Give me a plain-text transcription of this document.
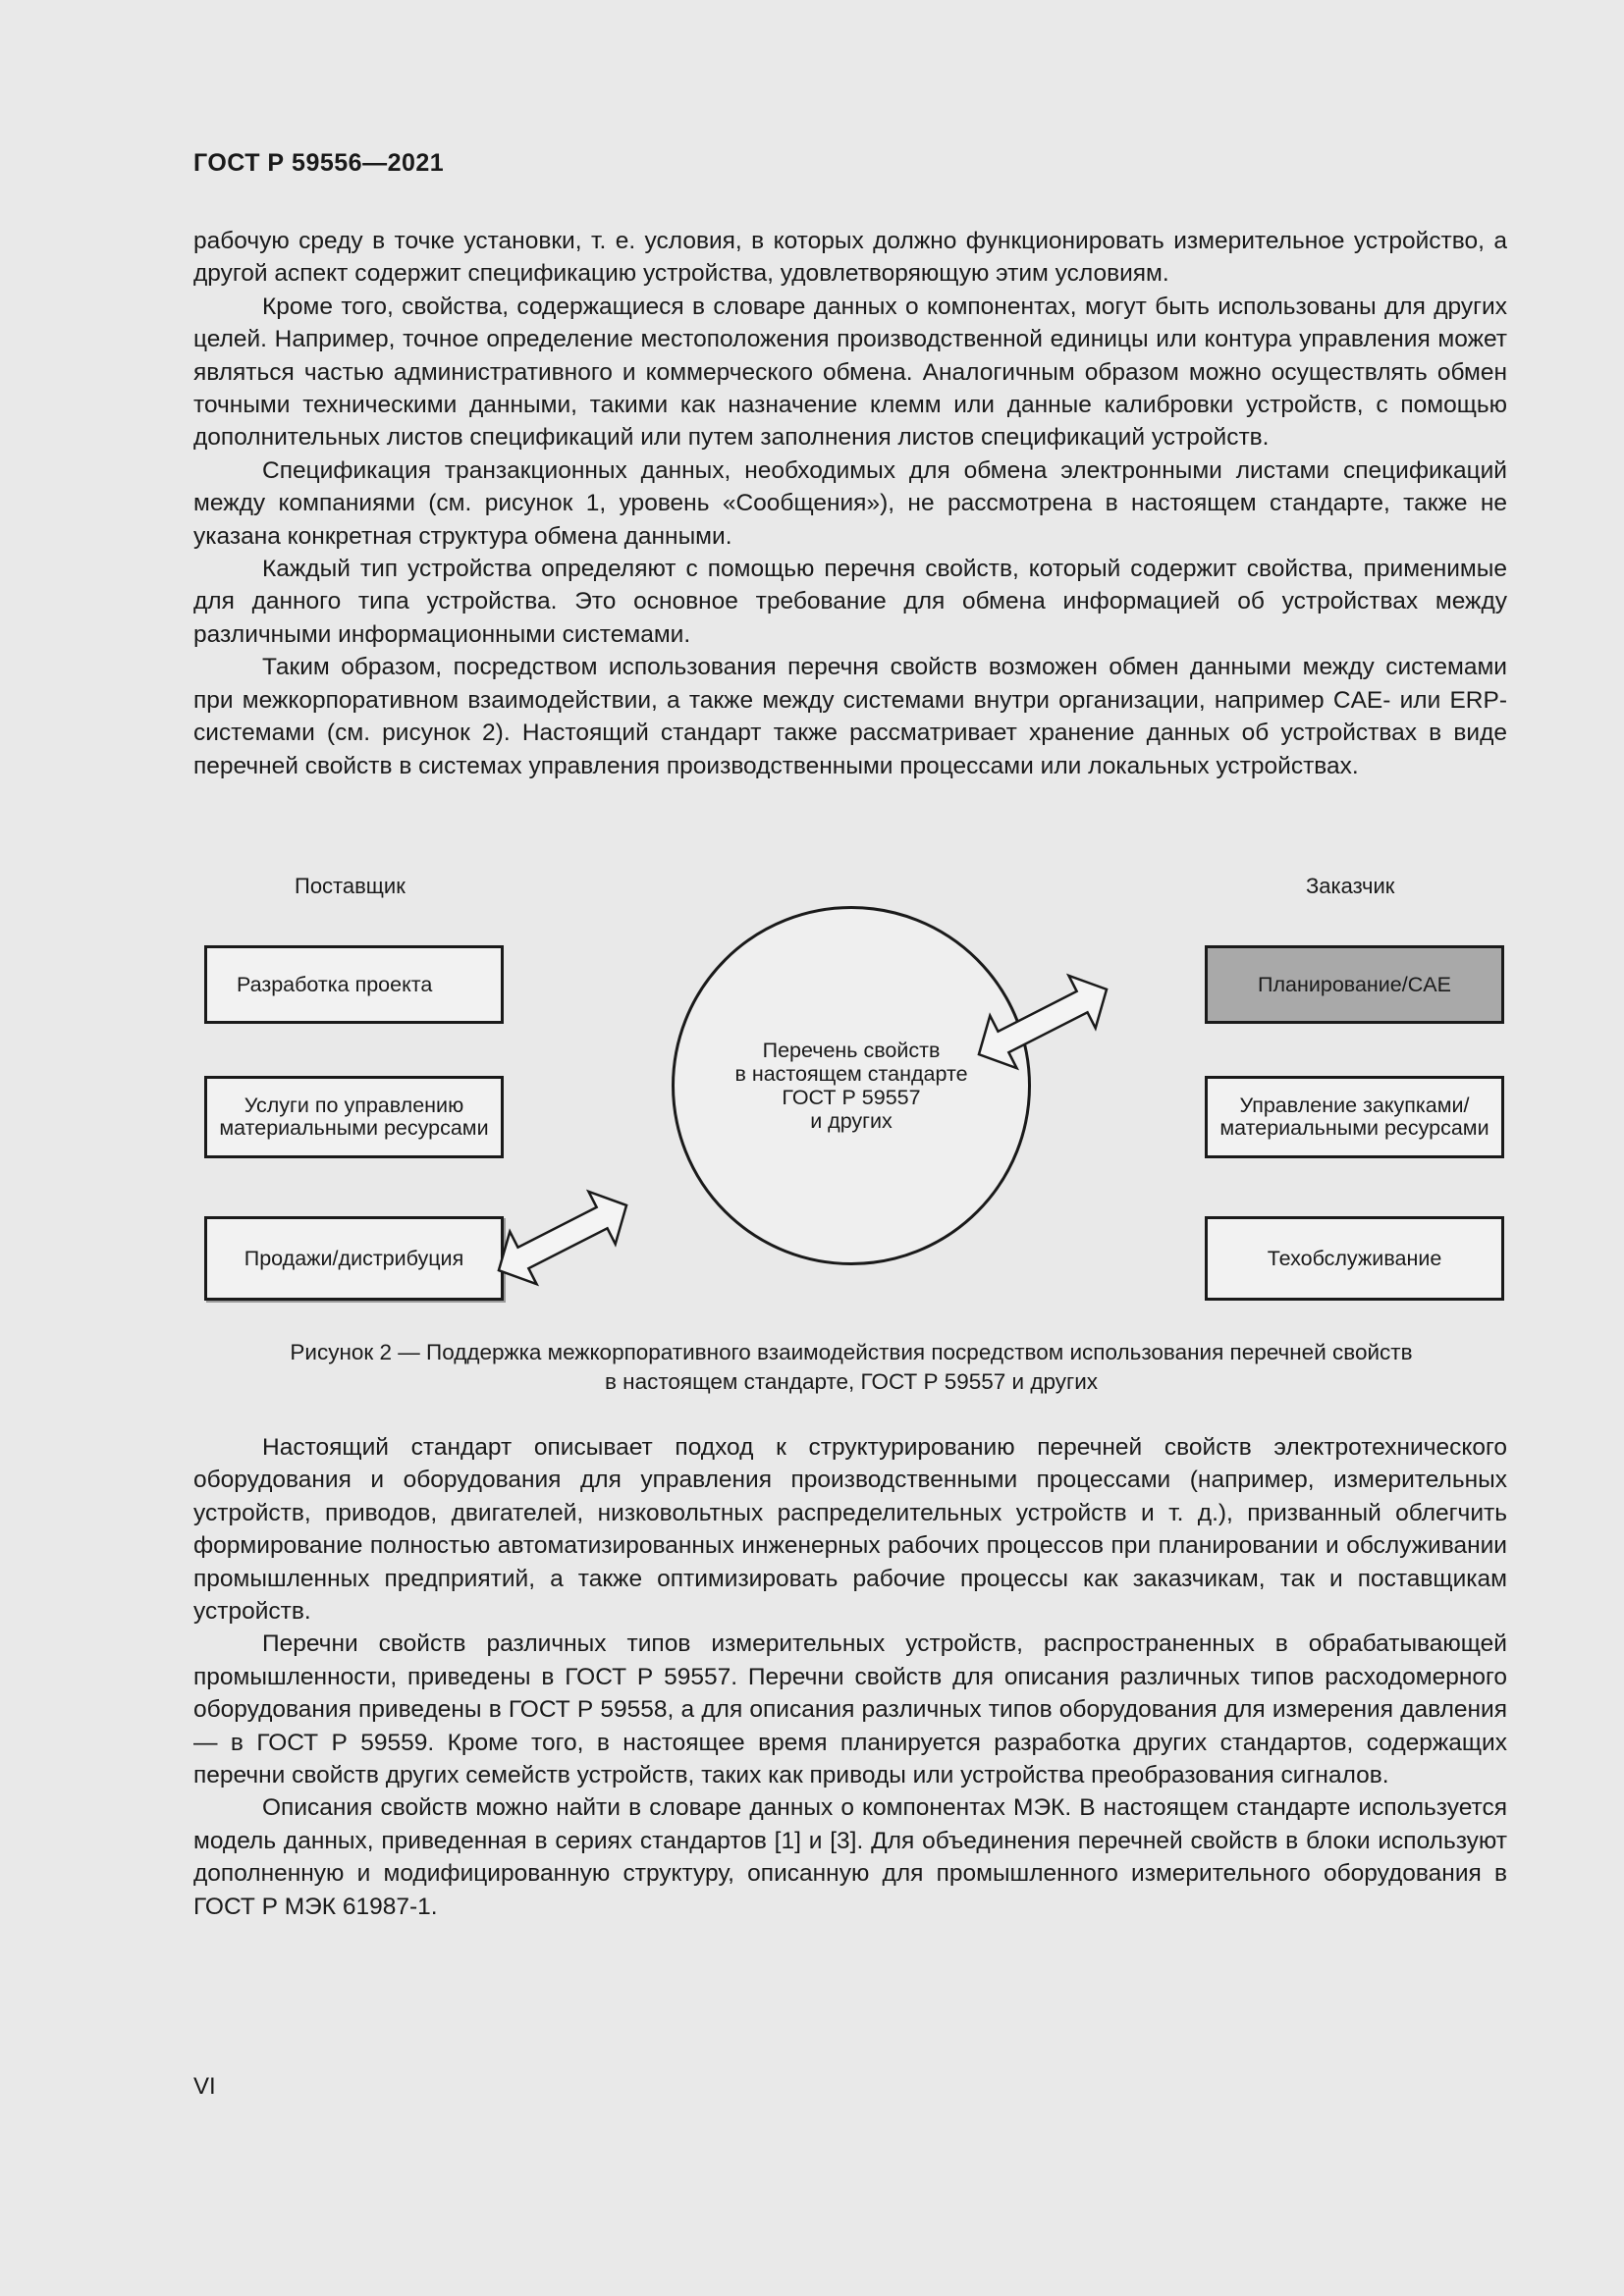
ГОСТ Р 59556—2021

рабочую среду в точке установки, т. е. условия, в которых должно функционировать измерительное устройство, а другой аспект содержит спецификацию устройства, удовлетворяющую этим условиям.

Кроме того, свойства, содержащиеся в словаре данных о компонентах, могут быть использованы для других целей. Например, точное определение местоположения производственной единицы или контура управления может являться частью административного и коммерческого обмена. Аналогичным образом можно осуществлять обмен точными техническими данными, такими как назначение клемм или данные калибровки устройств, с помощью дополнительных листов спецификаций или путем заполнения листов спецификаций устройств.

Спецификация транзакционных данных, необходимых для обмена электронными листами спецификаций между компаниями (см. рисунок 1, уровень «Сообщения»), не рассмотрена в настоящем стандарте, также не указана конкретная структура обмена данными.

Каждый тип устройства определяют с помощью перечня свойств, который содержит свойства, применимые для данного типа устройства. Это основное требование для обмена информацией об устройствах между различными информационными системами.

Таким образом, посредством использования перечня свойств возможен обмен данными между системами при межкорпоративном взаимодействии, а также между системами внутри организации, например CAE- или ERP-системами (см. рисунок 2). Настоящий стандарт также рассматривает хранение данных об устройствах в виде перечней свойств в системах управления производственными процессами или локальных устройствах.

Поставщик	Заказчик
Разработка проекта
Услуги по управлению материальными ресурсами
Продажи/дистрибуция
Перечень свойств
в настоящем стандарте
ГОСТ Р 59557
и других
Планирование/CAE
Управление закупками/материальными ресурсами
Техобслуживание
Рисунок 2 — Поддержка межкорпоративного взаимодействия посредством использования перечней свойств
в настоящем стандарте, ГОСТ Р 59557 и других

Настоящий стандарт описывает подход к структурированию перечней свойств электротехнического оборудования и оборудования для управления производственными процессами (например, измерительных устройств, приводов, двигателей, низковольтных распределительных устройств и т. д.), призванный облегчить формирование полностью автоматизированных инженерных рабочих процессов при планировании и обслуживании промышленных предприятий, а также оптимизировать рабочие процессы как заказчикам, так и поставщикам устройств.

Перечни свойств различных типов измерительных устройств, распространенных в обрабатывающей промышленности, приведены в ГОСТ Р 59557. Перечни свойств для описания различных типов расходомерного оборудования приведены в ГОСТ Р 59558, а для описания различных типов оборудования для измерения давления — в ГОСТ Р 59559. Кроме того, в настоящее время планируется разработка других стандартов, содержащих перечни свойств других семейств устройств, таких как приводы или устройства преобразования сигналов.

Описания свойств можно найти в словаре данных о компонентах МЭК. В настоящем стандарте используется модель данных, приведенная в сериях стандартов [1] и [3]. Для объединения перечней свойств в блоки используют дополненную и модифицированную структуру, описанную для промышленного измерительного оборудования в ГОСТ Р МЭК 61987-1.

VI
